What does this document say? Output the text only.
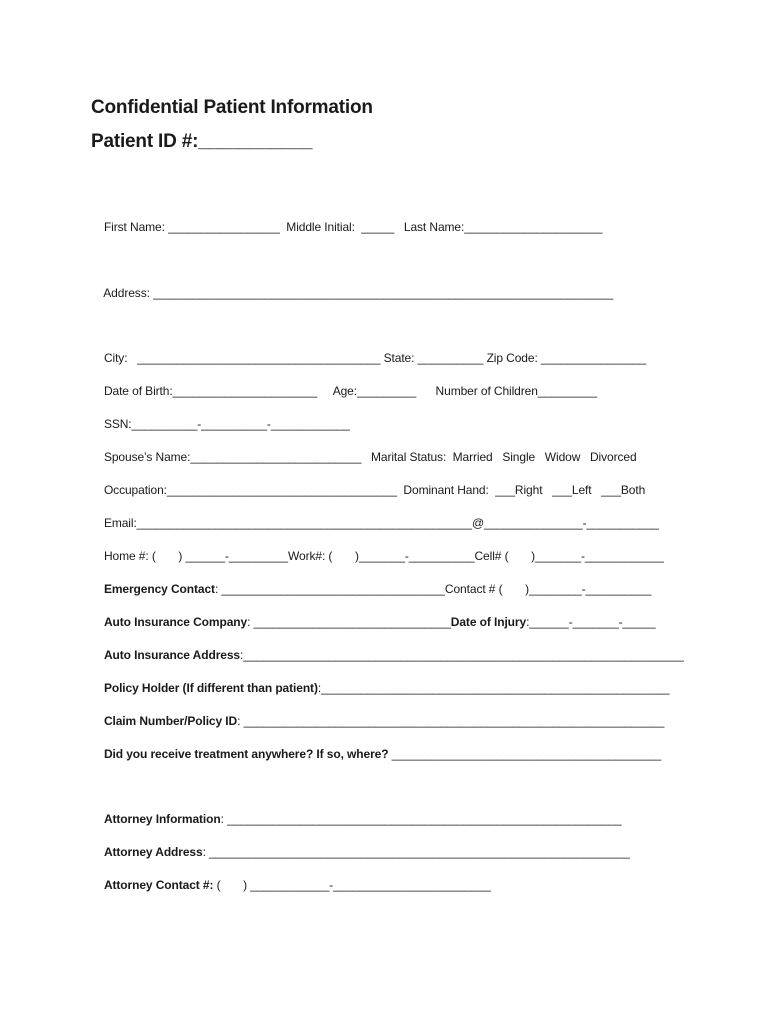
Confidential Patient Information
Patient ID #:___________

First Name: _________________  Middle Initial:  _____   Last Name:_____________________

Address: ______________________________________________________________________

City:   _____________________________________ State: __________ Zip Code: ________________

Date of Birth:______________________     Age:_________      Number of Children_________

SSN:__________-__________-____________

Spouse’s Name:__________________________   Marital Status:  Married   Single   Widow   Divorced

Occupation:___________________________________  Dominant Hand:  ___Right   ___Left   ___Both

Email:___________________________________________________@_______________-___________

Home #: (       ) ______-_________Work#: (       )_______-__________Cell# (       )_______-____________

Emergency Contact: __________________________________Contact # (       )________-__________

Auto Insurance Company: ______________________________Date of Injury:______-_______-_____

Auto Insurance Address:___________________________________________________________________

Policy Holder (If different than patient):_____________________________________________________

Claim Number/Policy ID: ________________________________________________________________

Did you receive treatment anywhere? If so, where? _________________________________________

Attorney Information: ____________________________________________________________

Attorney Address: ________________________________________________________________

Attorney Contact #: (       ) ____________-________________________
